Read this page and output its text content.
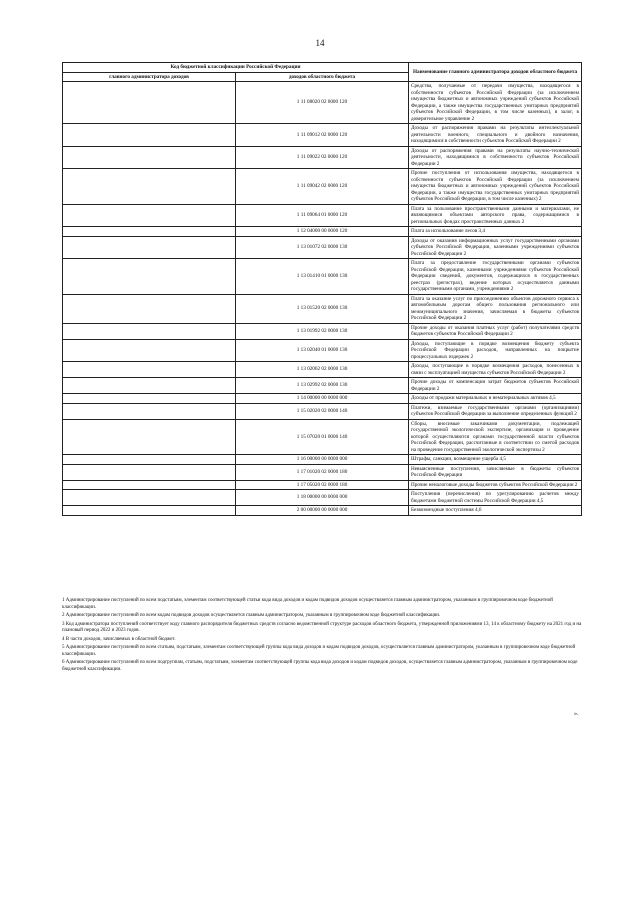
14
Код бюджетной классификации Российской Федерации		Наименование главного администратора доходов областного бюджета
главного администратора доходов	доходов областного бюджета	
	1 11 08020 02 0000 120	Средства, получаемые от передачи имущества, находящегося в собственности субъектов Российской Федерации (за исключением имущества бюджетных и автономных учреждений субъектов Российской Федерации, а также имущества государственных унитарных предприятий субъектов Российской Федерации, в том числе казенных), в залог, в доверительное управление 2
	1 11 09012 02 0000 120	Доходы от распоряжения правами на результаты интеллектуальной деятельности военного, специального и двойного назначения, находящимися в собственности субъектов Российской Федерации 2
	1 11 09022 02 0000 120	Доходы от распоряжения правами на результаты научно-технической деятельности, находящимися в собственности субъектов Российской Федерации 2
	1 11 09042 02 0000 120	Прочие поступления от использования имущества, находящегося в собственности субъектов Российской Федерации (за исключением имущества бюджетных и автономных учреждений субъектов Российской Федерации, а также имущества государственных унитарных предприятий субъектов Российской Федерации, в том числе казенных) 2
	1 11 09064 01 0000 120	Плата за пользование пространственными данными и материалами, не являющимися объектами авторского права, содержащимися в региональных фондах пространственных данных 2
	1 12 04000 00 0000 120	Плата за использование лесов 3,4
	1 13 01072 02 0000 130	Доходы от оказания информационных услуг государственными органами субъектов Российской Федерации, казенными учреждениями субъектов Российской Федерации 2
	1 13 01410 01 0000 130	Плата за предоставление государственными органами субъектов Российской Федерации, казенными учреждениями субъектов Российской Федерации сведений, документов, содержащихся в государственных реестрах (регистрах), ведение которых осуществляется данными государственными органами, учреждениями 2
	1 13 01520 02 0000 130	Плата за оказание услуг по присоединению объектов дорожного сервиса к автомобильным дорогам общего пользования регионального или межмуниципального значения, зачисляемая в бюджеты субъектов Российской Федерации 2
	1 13 01992 02 0000 130	Прочие доходы от оказания платных услуг (работ) получателями средств бюджетов субъектов Российской Федерации 2
	1 13 02040 01 0000 130	Доходы, поступающие в порядке возмещения бюджету субъекта Российской Федерации расходов, направленных на покрытие процессуальных издержек 2
	1 13 02062 02 0000 130	Доходы, поступающие в порядке возмещения расходов, понесенных в связи с эксплуатацией имущества субъектов Российской Федерации 2
	1 13 02992 02 0000 130	Прочие доходы от компенсации затрат бюджетов субъектов Российской Федерации 2
	1 14 00000 00 0000 000	Доходы от продажи материальных и нематериальных активов 4,5
	1 15 02020 02 0000 140	Платежи, взимаемые государственными органами (организациями) субъектов Российской Федерации за выполнение определенных функций 2
	1 15 07020 01 0000 140	Сборы, вносимые заказчиками документации, подлежащей государственной экологической экспертизе, организация и проведение которой осуществляются органами государственной власти субъектов Российской Федерации, рассчитанные в соответствии со сметой расходов на проведение государственной экологической экспертизы 2
	1 16 00000 00 0000 000	Штрафы, санкции, возмещение ущерба 4,5
	1 17 01020 02 0000 180	Невыясненные поступления, зачисляемые в бюджеты субъектов Российской Федерации
	1 17 05020 02 0000 180	Прочие неналоговые доходы бюджетов субъектов Российской Федерации 2
	1 18 00000 00 0000 000	Поступления (перечисления) по урегулированию расчетов между бюджетами бюджетной системы Российской Федерации 4,5
	2 00 00000 00 0000 000	Безвозмездные поступления 4,6

1 Администрирование поступлений по всем подстатьям, элементам соответствующей статьи кода вида доходов и кодам подвидов доходов осуществляется главным администратором, указанным в группировочном коде бюджетной классификации.

2 Администрирование поступлений по всем кодам подвидов доходов осуществляется главным администратором, указанным в группировочном коде бюджетной классификации.

3 Код администратора поступлений соответствует коду главного распорядителя бюджетных средств согласно ведомственной структуре расходов областного бюджета, утвержденной приложениями 13, 14 к областному бюджету на 2021 год и на плановый период 2022 и 2023 годов.

4 В части доходов, зачисляемых в областной бюджет.

5 Администрирование поступлений по всем статьям, подстатьям, элементам соответствующей группы кода вида доходов и кодам подвидов доходов, осуществляется главным администратором, указанным в группировочном коде бюджетной классификации.

6 Администрирование поступлений по всем подгруппам, статьям, подстатьям, элементам соответствующей группы кода вида доходов и кодам подвидов доходов, осуществляется главным администратором, указанным в группировочном коде бюджетной классификации.

».
